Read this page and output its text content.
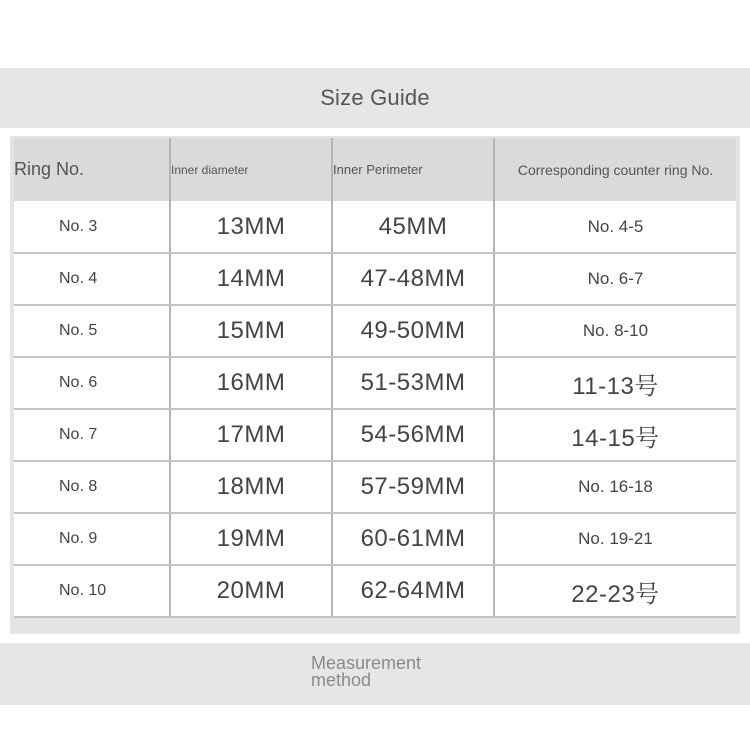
Size Guide
Ring No.	Inner diameter	Inner Perimeter	Corresponding counter ring No.
No. 3	13MM	45MM	No. 4-5
No. 4	14MM	47-48MM	No. 6-7
No. 5	15MM	49-50MM	No. 8-10
No. 6	16MM	51-53MM	11-13号
No. 7	17MM	54-56MM	14-15号
No. 8	18MM	57-59MM	No. 16-18
No. 9	19MM	60-61MM	No. 19-21
No. 10	20MM	62-64MM	22-23号
Measurement method
